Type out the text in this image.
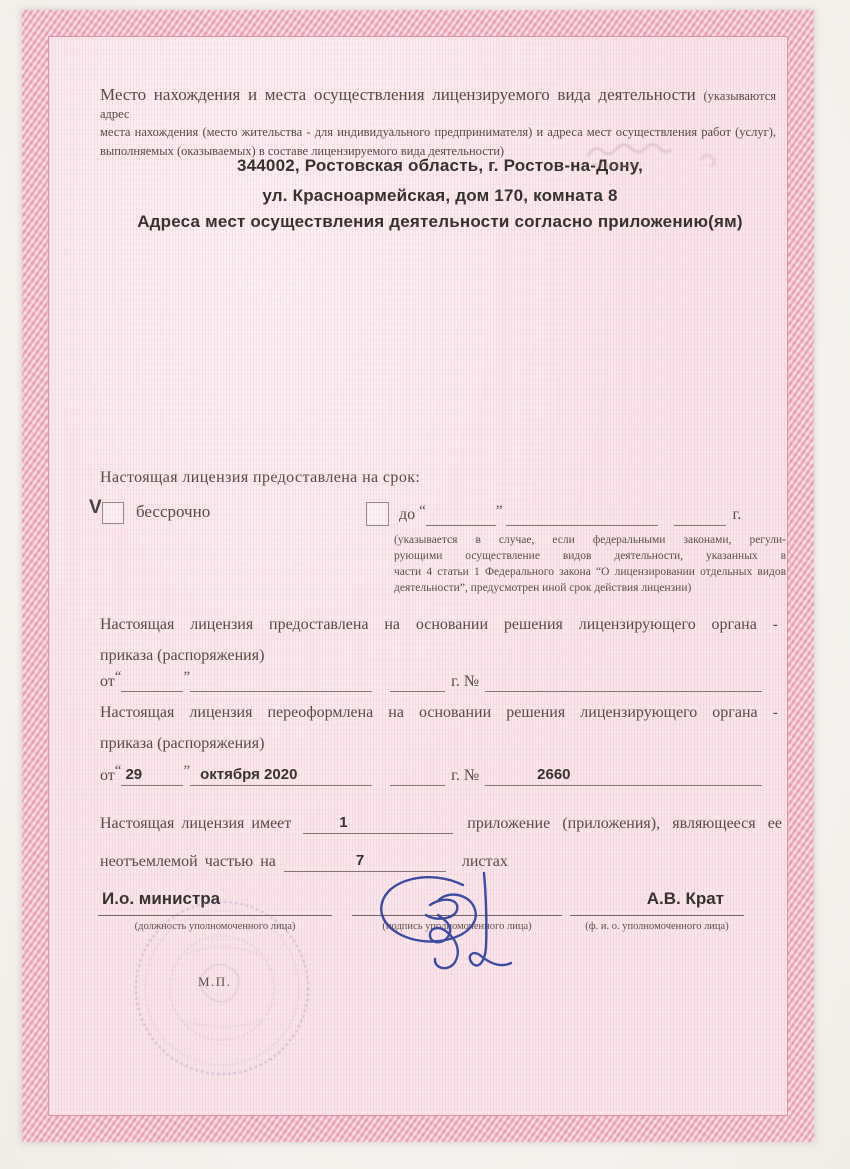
Место нахождения и места осуществления лицензируемого вида деятельности (указываются адрес
места нахождения (место жительства - для индивидуального предпринимателя) и адреса мест осуществления работ (услуг),
выполняемых (оказываемых) в составе лицензируемого вида деятельности)
344002, Ростовская область, г. Ростов-на-Дону,
ул. Красноармейская, дом 170, комната 8
Адреса мест осуществления деятельности согласно приложению(ям)
Настоящая лицензия предоставлена на срок:
V бессрочно	до “	”	г.
(указывается в случае, если федеральными законами, регули-
рующими осуществление видов деятельности, указанных в
части 4 статьи 1 Федерального закона “О лицензировании отдельных видов
деятельности”, предусмотрен иной срок действия лицензии)
Настоящая лицензия предоставлена на основании решения лицензирующего органа -
приказа (распоряжения)
от “	”	г. №
Настоящая лицензия переоформлена на основании решения лицензирующего органа -
приказа (распоряжения)
от “ 29	” октября 2020	г. №	2660
Настоящая лицензия имеет	1	приложение (приложения), являющееся ее
неотъемлемой частью на	7	листах
И.о. министра	А.В. Крат
(должность уполномоченного лица)	(подпись уполномоченного лица)	(ф. и. о. уполномоченного лица)
М.П.
